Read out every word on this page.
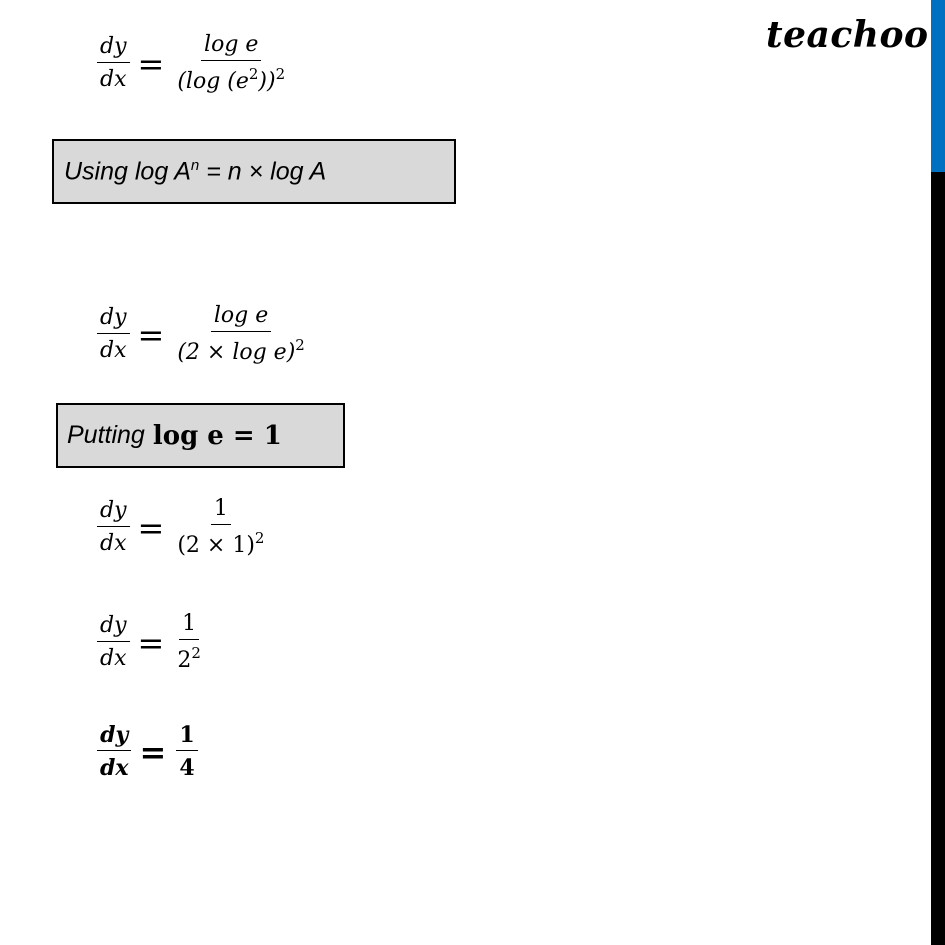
teachoo
$\frac{dy}{dx} = \frac{\text{log e}}{(\log (e^2))^2}$
Using $\log A^n = n \times \log A$
$\frac{dy}{dx} = \frac{\text{log e}}{(2 \times \log e)^2}$
Putting log e = 1
$\frac{dy}{dx} = \frac{1}{(2 \times 1)^2}$
$\frac{dy}{dx} = \frac{1}{2^2}$
$\frac{dy}{dx} = \frac{1}{4}$
